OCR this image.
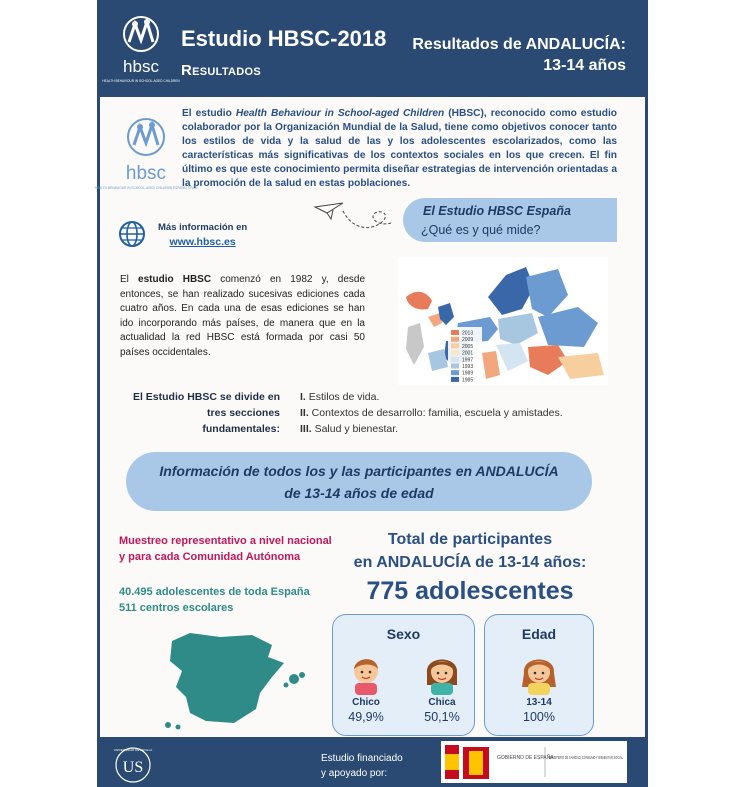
hbsc
HEALTH BEHAVIOUR IN SCHOOL-AGED CHILDREN
Estudio HBSC-2018
Resultados
Resultados de ANDALUCÍA:
13-14 años
hbsc
HEALTH BEHAVIOUR IN SCHOOL-AGED CHILDREN ESPAÑA | SPAIN
El estudio Health Behaviour in School-aged Children (HBSC), reconocido como estudio colaborador por la Organización Mundial de la Salud, tiene como objetivos conocer tanto los estilos de vida y la salud de las y los adolescentes escolarizados, como las características más significativas de los contextos sociales en los que crecen. El fin último es que este conocimiento permita diseñar estrategias de intervención orientadas a la promoción de la salud en estas poblaciones.
Más información en
www.hbsc.es
El Estudio HBSC España
¿Qué es y qué mide?
El estudio HBSC comenzó en 1982 y, desde entonces, se han realizado sucesivas ediciones cada cuatro años. En cada una de esas ediciones se han ido incorporando más países, de manera que en la actualidad la red HBSC está formada por casi 50 países occidentales.
2013
2009
2005
2001
1997
1993
1989
1985
El Estudio HBSC se divide en tres secciones fundamentales:
I. Estilos de vida.
II. Contextos de desarrollo: familia, escuela y amistades.
III. Salud y bienestar.
Información de todos los y las participantes en ANDALUCÍA
de 13-14 años de edad
Muestreo representativo a nivel nacional
y para cada Comunidad Autónoma
40.495 adolescentes de toda España
511 centros escolares
Total de participantes
en ANDALUCÍA de 13-14 años:
775 adolescentes
Sexo
Chico
49,9%
Chica
50,1%
Edad
13-14
100%
US
UNIVERSIDAD DE SEVILLA
Estudio financiado
y apoyado por:
GOBIERNO DE ESPAÑA
MINISTERIO DE SANIDAD, CONSUMO Y BIENESTAR SOCIAL
